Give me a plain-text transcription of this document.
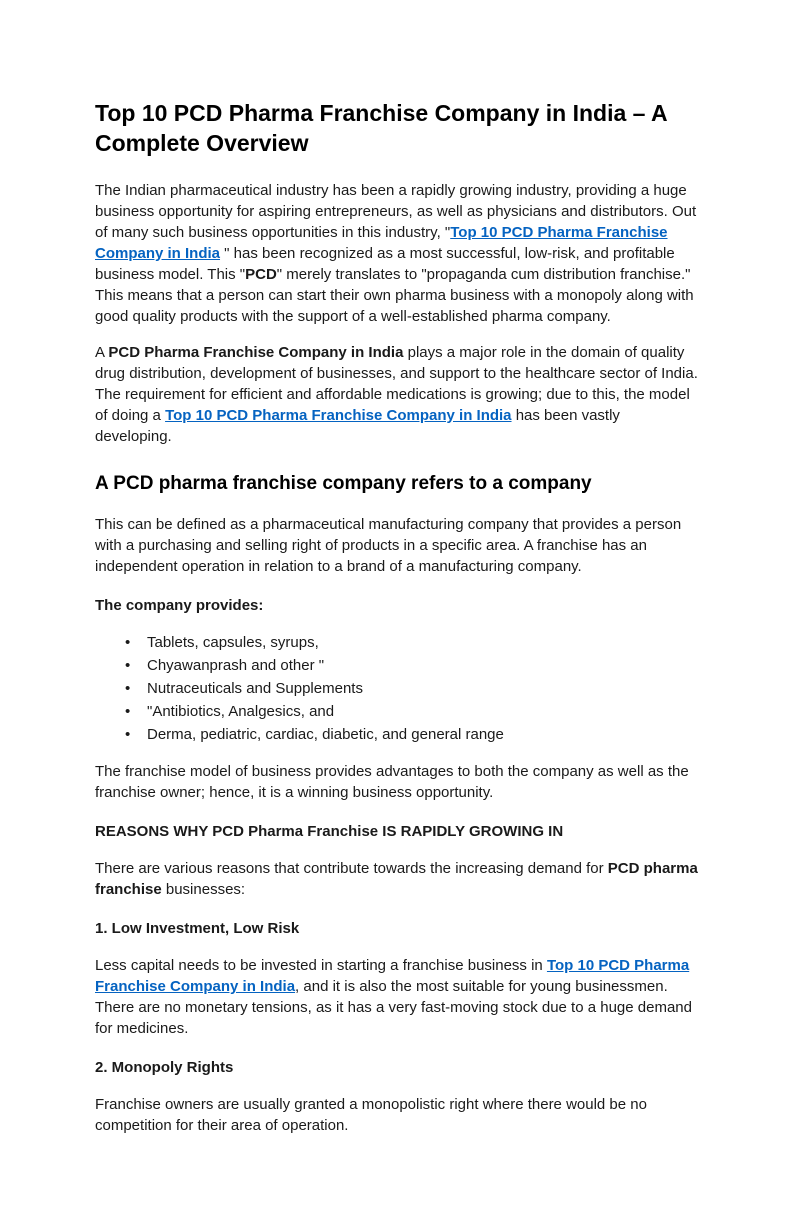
Top 10 PCD Pharma Franchise Company in India – A Complete Overview

The Indian pharmaceutical industry has been a rapidly growing industry, providing a huge business opportunity for aspiring entrepreneurs, as well as physicians and distributors. Out of many such business opportunities in this industry, "Top 10 PCD Pharma Franchise Company in India " has been recognized as a most successful, low-risk, and profitable business model. This "PCD" merely translates to "propaganda cum distribution franchise." This means that a person can start their own pharma business with a monopoly along with good quality products with the support of a well-established pharma company.

A PCD Pharma Franchise Company in India plays a major role in the domain of quality drug distribution, development of businesses, and support to the healthcare sector of India. The requirement for efficient and affordable medications is growing; due to this, the model of doing a Top 10 PCD Pharma Franchise Company in India has been vastly developing.

A PCD pharma franchise company refers to a company

This can be defined as a pharmaceutical manufacturing company that provides a person with a purchasing and selling right of products in a specific area. A franchise has an independent operation in relation to a brand of a manufacturing company.

The company provides:

•	Tablets, capsules, syrups,
•	Chyawanprash and other "
•	Nutraceuticals and Supplements
•	"Antibiotics, Analgesics, and
•	Derma, pediatric, cardiac, diabetic, and general range

The franchise model of business provides advantages to both the company as well as the franchise owner; hence, it is a winning business opportunity.

REASONS WHY PCD Pharma Franchise IS RAPIDLY GROWING IN

There are various reasons that contribute towards the increasing demand for PCD pharma franchise businesses:

1. Low Investment, Low Risk

Less capital needs to be invested in starting a franchise business in Top 10 PCD Pharma Franchise Company in India, and it is also the most suitable for young businessmen. There are no monetary tensions, as it has a very fast-moving stock due to a huge demand for medicines.

2. Monopoly Rights

Franchise owners are usually granted a monopolistic right where there would be no competition for their area of operation.
